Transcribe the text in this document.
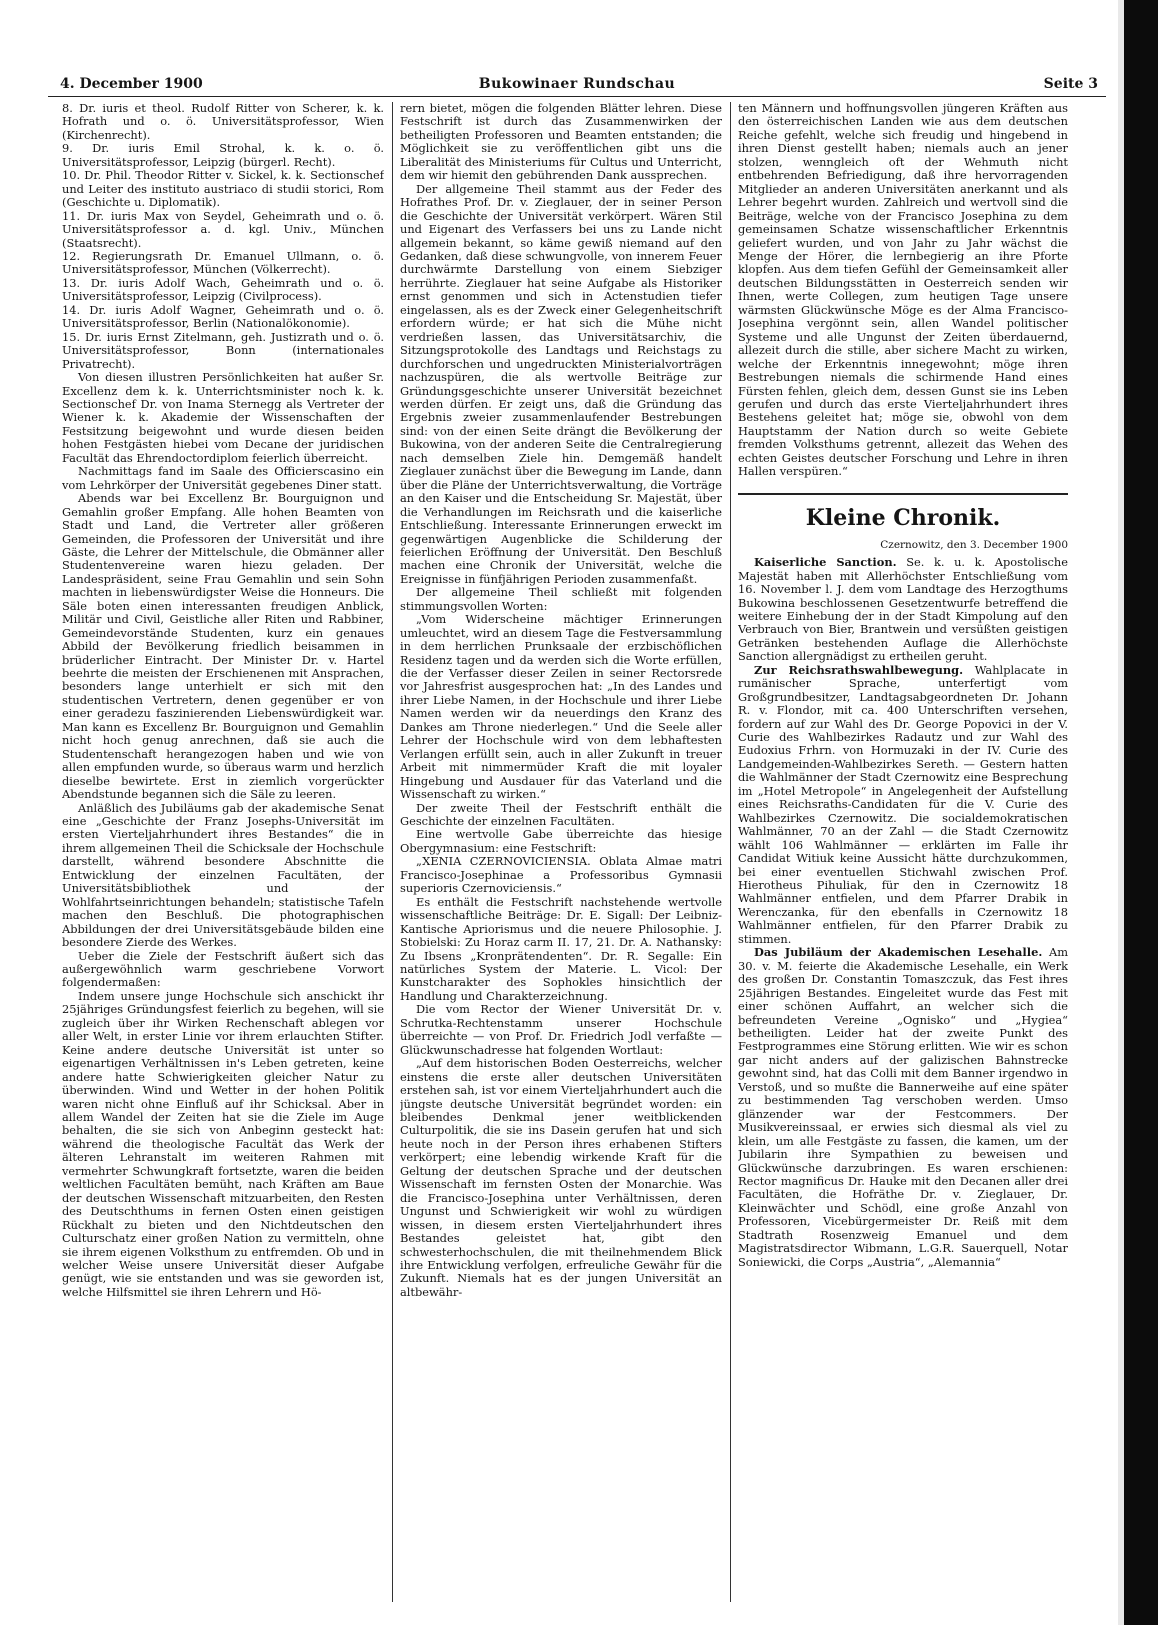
4. December 1900	Bukowinaer Rundschau	Seite 3

8. Dr. iuris et theol. Rudolf Ritter von Scherer, k. k. Hofrath und o. ö. Universitätsprofessor, Wien (Kirchenrecht).

9. Dr. iuris Emil Strohal, k. k. o. ö. Universitätsprofessor, Leipzig (bürgerl. Recht).

10. Dr. Phil. Theodor Ritter v. Sickel, k. k. Sectionschef und Leiter des instituto austriaco di studii storici, Rom (Geschichte u. Diplomatik).

11. Dr. iuris Max von Seydel, Geheimrath und o. ö. Universitätsprofessor a. d. kgl. Univ., München (Staatsrecht).

12. Regierungsrath Dr. Emanuel Ullmann, o. ö. Universitätsprofessor, München (Völkerrecht).

13. Dr. iuris Adolf Wach, Geheimrath und o. ö. Universitätsprofessor, Leipzig (Civilprocess).

14. Dr. iuris Adolf Wagner, Geheimrath und o. ö. Universitätsprofessor, Berlin (Nationalökonomie).

15. Dr. iuris Ernst Zitelmann, geh. Justizrath und o. ö. Universitätsprofessor, Bonn (internationales Privatrecht).

Von diesen illustren Persönlichkeiten hat außer Sr. Excellenz dem k. k. Unterrichtsminister noch k. k. Sectionschef Dr. von Inama Sternegg als Vertreter der Wiener k. k. Akademie der Wissenschaften der Festsitzung beigewohnt und wurde diesen beiden hohen Festgästen hiebei vom Decane der juridischen Facultät das Ehrendoctordiplom feierlich überreicht.

Nachmittags fand im Saale des Officierscasino ein vom Lehrkörper der Universität gegebenes Diner statt.

Abends war bei Excellenz Br. Bourguignon und Gemahlin großer Empfang. Alle hohen Beamten von Stadt und Land, die Vertreter aller größeren Gemeinden, die Professoren der Universität und ihre Gäste, die Lehrer der Mittelschule, die Obmänner aller Studentenvereine waren hiezu geladen. Der Landespräsident, seine Frau Gemahlin und sein Sohn machten in liebenswürdigster Weise die Honneurs. Die Säle boten einen interessanten freudigen Anblick, Militär und Civil, Geistliche aller Riten und Rabbiner, Gemeindevorstände Studenten, kurz ein genaues Abbild der Bevölkerung friedlich beisammen in brüderlicher Eintracht. Der Minister Dr. v. Hartel beehrte die meisten der Erschienenen mit Ansprachen, besonders lange unterhielt er sich mit den studentischen Vertretern, denen gegenüber er von einer geradezu faszinierenden Liebenswürdigkeit war. Man kann es Excellenz Br. Bourguignon und Gemahlin nicht hoch genug anrechnen, daß sie auch die Studentenschaft herangezogen haben und wie von allen empfunden wurde, so überaus warm und herzlich dieselbe bewirtete. Erst in ziemlich vorgerückter Abendstunde begannen sich die Säle zu leeren.

Anläßlich des Jubiläums gab der akademische Senat eine „Geschichte der Franz Josephs-Universität im ersten Vierteljahrhundert ihres Bestandes“ die in ihrem allgemeinen Theil die Schicksale der Hochschule darstellt, während besondere Abschnitte die Entwicklung der einzelnen Facultäten, der Universitätsbibliothek und der Wohlfahrtseinrichtungen behandeln; statistische Tafeln machen den Beschluß. Die photographischen Abbildungen der drei Universitätsgebäude bilden eine besondere Zierde des Werkes.

Ueber die Ziele der Festschrift äußert sich das außergewöhnlich warm geschriebene Vorwort folgendermaßen:

Indem unsere junge Hochschule sich anschickt ihr 25jähriges Gründungsfest feierlich zu begehen, will sie zugleich über ihr Wirken Rechenschaft ablegen vor aller Welt, in erster Linie vor ihrem erlauchten Stifter. Keine andere deutsche Universität ist unter so eigenartigen Verhältnissen in's Leben getreten, keine andere hatte Schwierigkeiten gleicher Natur zu überwinden. Wind und Wetter in der hohen Politik waren nicht ohne Einfluß auf ihr Schicksal. Aber in allem Wandel der Zeiten hat sie die Ziele im Auge behalten, die sie sich von Anbeginn gesteckt hat: während die theologische Facultät das Werk der älteren Lehranstalt im weiteren Rahmen mit vermehrter Schwungkraft fortsetzte, waren die beiden weltlichen Facultäten bemüht, nach Kräften am Baue der deutschen Wissenschaft mitzuarbeiten, den Resten des Deutschthums in fernen Osten einen geistigen Rückhalt zu bieten und den Nichtdeutschen den Culturschatz einer großen Nation zu vermitteln, ohne sie ihrem eigenen Volksthum zu entfremden. Ob und in welcher Weise unsere Universität dieser Aufgabe genügt, wie sie entstanden und was sie geworden ist, welche Hilfsmittel sie ihren Lehrern und Hö-

rern bietet, mögen die folgenden Blätter lehren. Diese Festschrift ist durch das Zusammenwirken der betheiligten Professoren und Beamten entstanden; die Möglichkeit sie zu veröffentlichen gibt uns die Liberalität des Ministeriums für Cultus und Unterricht, dem wir hiemit den gebührenden Dank aussprechen.

Der allgemeine Theil stammt aus der Feder des Hofrathes Prof. Dr. v. Zieglauer, der in seiner Person die Geschichte der Universität verkörpert. Wären Stil und Eigenart des Verfassers bei uns zu Lande nicht allgemein bekannt, so käme gewiß niemand auf den Gedanken, daß diese schwungvolle, von innerem Feuer durchwärmte Darstellung von einem Siebziger herrührte. Zieglauer hat seine Aufgabe als Historiker ernst genommen und sich in Actenstudien tiefer eingelassen, als es der Zweck einer Gelegenheitschrift erfordern würde; er hat sich die Mühe nicht verdrießen lassen, das Universitätsarchiv, die Sitzungsprotokolle des Landtags und Reichstags zu durchforschen und ungedruckten Ministerialvorträgen nachzuspüren, die als wertvolle Beiträge zur Gründungsgeschichte unserer Universität bezeichnet werden dürfen. Er zeigt uns, daß die Gründung das Ergebnis zweier zusammenlaufender Bestrebungen sind: von der einen Seite drängt die Bevölkerung der Bukowina, von der anderen Seite die Centralregierung nach demselben Ziele hin. Demgemäß handelt Zieglauer zunächst über die Bewegung im Lande, dann über die Pläne der Unterrichtsverwaltung, die Vorträge an den Kaiser und die Entscheidung Sr. Majestät, über die Verhandlungen im Reichsrath und die kaiserliche Entschließung. Interessante Erinnerungen erweckt im gegenwärtigen Augenblicke die Schilderung der feierlichen Eröffnung der Universität. Den Beschluß machen eine Chronik der Universität, welche die Ereignisse in fünfjährigen Perioden zusammenfaßt.

Der allgemeine Theil schließt mit folgenden stimmungsvollen Worten:

„Vom Widerscheine mächtiger Erinnerungen umleuchtet, wird an diesem Tage die Festversammlung in dem herrlichen Prunksaale der erzbischöflichen Residenz tagen und da werden sich die Worte erfüllen, die der Verfasser dieser Zeilen in seiner Rectorsrede vor Jahresfrist ausgesprochen hat: „In des Landes und ihrer Liebe Namen, in der Hochschule und ihrer Liebe Namen werden wir da neuerdings den Kranz des Dankes am Throne niederlegen.“ Und die Seele aller Lehrer der Hochschule wird von dem lebhaftesten Verlangen erfüllt sein, auch in aller Zukunft in treuer Arbeit mit nimmermüder Kraft die mit loyaler Hingebung und Ausdauer für das Vaterland und die Wissenschaft zu wirken.“

Der zweite Theil der Festschrift enthält die Geschichte der einzelnen Facultäten.

Eine wertvolle Gabe überreichte das hiesige Obergymnasium: eine Festschrift:

„XENIA CZERNOVICIENSIA. Oblata Almae matri Francisco-Josephinae a Professoribus Gymnasii superioris Czernoviciensis.“

Es enthält die Festschrift nachstehende wertvolle wissenschaftliche Beiträge: Dr. E. Sigall: Der Leibniz-Kantische Apriorismus und die neuere Philosophie. J. Stobielski: Zu Horaz carm II. 17, 21. Dr. A. Nathansky: Zu Ibsens „Kronprätendenten“. Dr. R. Segalle: Ein natürliches System der Materie. L. Vicol: Der Kunstcharakter des Sophokles hinsichtlich der Handlung und Charakterzeichnung.

Die vom Rector der Wiener Universität Dr. v. Schrutka-Rechtenstamm unserer Hochschule überreichte — von Prof. Dr. Friedrich Jodl verfaßte — Glückwunschadresse hat folgenden Wortlaut:

„Auf dem historischen Boden Oesterreichs, welcher einstens die erste aller deutschen Universitäten erstehen sah, ist vor einem Vierteljahrhundert auch die jüngste deutsche Universität begründet worden: ein bleibendes Denkmal jener weitblickenden Culturpolitik, die sie ins Dasein gerufen hat und sich heute noch in der Person ihres erhabenen Stifters verkörpert; eine lebendig wirkende Kraft für die Geltung der deutschen Sprache und der deutschen Wissenschaft im fernsten Osten der Monarchie. Was die Francisco-Josephina unter Verhältnissen, deren Ungunst und Schwierigkeit wir wohl zu würdigen wissen, in diesem ersten Vierteljahrhundert ihres Bestandes geleistet hat, gibt den schwesterhochschulen, die mit theilnehmendem Blick ihre Entwicklung verfolgen, erfreuliche Gewähr für die Zukunft. Niemals hat es der jungen Universität an altbewähr-

ten Männern und hoffnungsvollen jüngeren Kräften aus den österreichischen Landen wie aus dem deutschen Reiche gefehlt, welche sich freudig und hingebend in ihren Dienst gestellt haben; niemals auch an jener stolzen, wenngleich oft der Wehmuth nicht entbehrenden Befriedigung, daß ihre hervorragenden Mitglieder an anderen Universitäten anerkannt und als Lehrer begehrt wurden. Zahlreich und wertvoll sind die Beiträge, welche von der Francisco Josephina zu dem gemeinsamen Schatze wissenschaftlicher Erkenntnis geliefert wurden, und von Jahr zu Jahr wächst die Menge der Hörer, die lernbegierig an ihre Pforte klopfen. Aus dem tiefen Gefühl der Gemeinsamkeit aller deutschen Bildungsstätten in Oesterreich senden wir Ihnen, werte Collegen, zum heutigen Tage unsere wärmsten Glückwünsche Möge es der Alma Francisco-Josephina vergönnt sein, allen Wandel politischer Systeme und alle Ungunst der Zeiten überdauernd, allezeit durch die stille, aber sichere Macht zu wirken, welche der Erkenntnis innegewohnt; möge ihren Bestrebungen niemals die schirmende Hand eines Fürsten fehlen, gleich dem, dessen Gunst sie ins Leben gerufen und durch das erste Vierteljahrhundert ihres Bestehens geleitet hat; möge sie, obwohl von dem Hauptstamm der Nation durch so weite Gebiete fremden Volksthums getrennt, allezeit das Wehen des echten Geistes deutscher Forschung und Lehre in ihren Hallen verspüren.“

Kleine Chronik.
Czernowitz, den 3. December 1900

Kaiserliche Sanction. Se. k. u. k. Apostolische Majestät haben mit Allerhöchster Entschließung vom 16. November l. J. dem vom Landtage des Herzogthums Bukowina beschlossenen Gesetzentwurfe betreffend die weitere Einhebung der in der Stadt Kimpolung auf den Verbrauch von Bier, Brantwein und versüßten geistigen Getränken bestehenden Auflage die Allerhöchste Sanction allergnädigst zu ertheilen geruht.

Zur Reichsrathswahlbewegung. Wahlplacate in rumänischer Sprache, unterfertigt vom Großgrundbesitzer, Landtagsabgeordneten Dr. Johann R. v. Flondor, mit ca. 400 Unterschriften versehen, fordern auf zur Wahl des Dr. George Popovici in der V. Curie des Wahlbezirkes Radautz und zur Wahl des Eudoxius Frhrn. von Hormuzaki in der IV. Curie des Landgemeinden-Wahlbezirkes Sereth. — Gestern hatten die Wahlmänner der Stadt Czernowitz eine Besprechung im „Hotel Metropole“ in Angelegenheit der Aufstellung eines Reichsraths-Candidaten für die V. Curie des Wahlbezirkes Czernowitz. Die socialdemokratischen Wahlmänner, 70 an der Zahl — die Stadt Czernowitz wählt 106 Wahlmänner — erklärten im Falle ihr Candidat Witiuk keine Aussicht hätte durchzukommen, bei einer eventuellen Stichwahl zwischen Prof. Hierotheus Pihuliak, für den in Czernowitz 18 Wahlmänner entfielen, und dem Pfarrer Drabik in Werenczanka, für den ebenfalls in Czernowitz 18 Wahlmänner entfielen, für den Pfarrer Drabik zu stimmen.

Das Jubiläum der Akademischen Lesehalle. Am 30. v. M. feierte die Akademische Lesehalle, ein Werk des großen Dr. Constantin Tomaszczuk, das Fest ihres 25jährigen Bestandes. Eingeleitet wurde das Fest mit einer schönen Auffahrt, an welcher sich die befreundeten Vereine „Ognisko“ und „Hygiea“ betheiligten. Leider hat der zweite Punkt des Festprogrammes eine Störung erlitten. Wie wir es schon gar nicht anders auf der galizischen Bahnstrecke gewohnt sind, hat das Colli mit dem Banner irgendwo in Verstoß, und so mußte die Bannerweihe auf eine später zu bestimmenden Tag verschoben werden. Umso glänzender war der Festcommers. Der Musikvereinssaal, er erwies sich diesmal als viel zu klein, um alle Festgäste zu fassen, die kamen, um der Jubilarin ihre Sympathien zu beweisen und Glückwünsche darzubringen. Es waren erschienen: Rector magnificus Dr. Hauke mit den Decanen aller drei Facultäten, die Hofräthe Dr. v. Zieglauer, Dr. Kleinwächter und Schödl, eine große Anzahl von Professoren, Vicebürgermeister Dr. Reiß mit dem Stadtrath Rosenzweig Emanuel und dem Magistratsdirector Wibmann, L.G.R. Sauerquell, Notar Soniewicki, die Corps „Austria“, „Alemannia“
